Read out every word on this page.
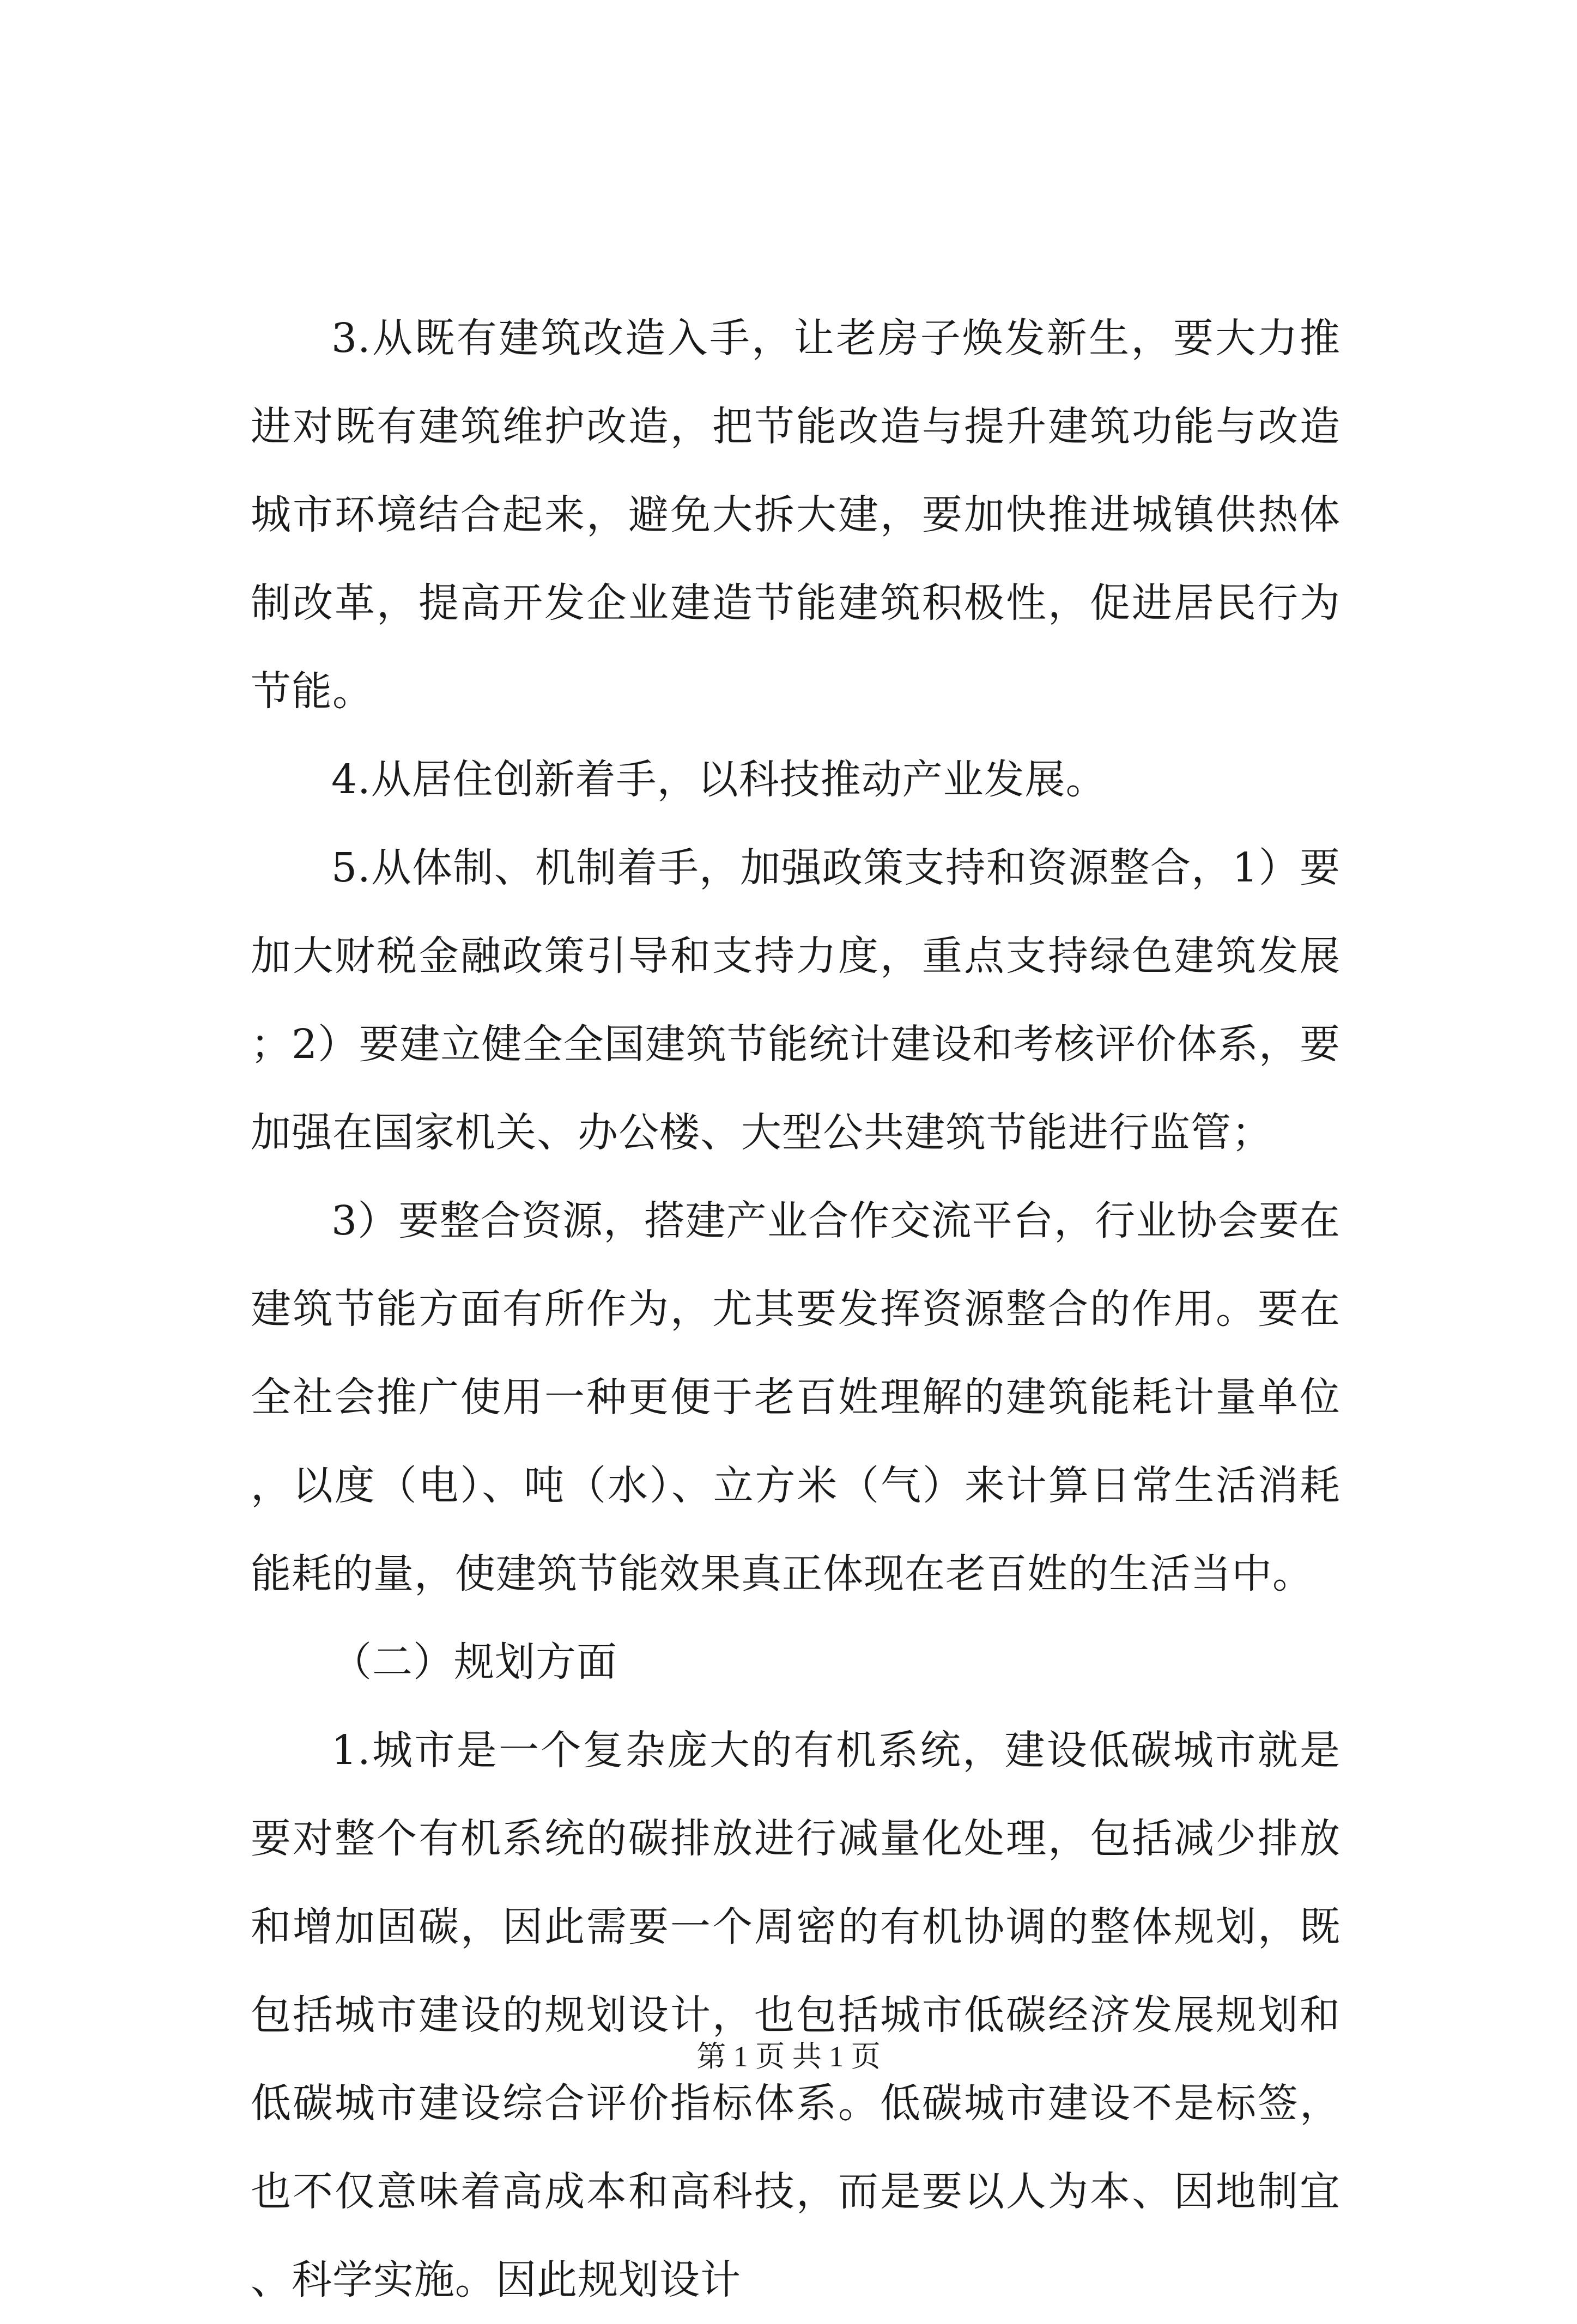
3.从既有建筑改造入手，让老房子焕发新生，要大力推进对既有建筑维护改造，把节能改造与提升建筑功能与改造城市环境结合起来，避免大拆大建，要加快推进城镇供热体制改革，提高开发企业建造节能建筑积极性，促进居民行为节能。

4.从居住创新着手，以科技推动产业发展。

5.从体制、机制着手，加强政策支持和资源整合，1）要加大财税金融政策引导和支持力度，重点支持绿色建筑发展；2）要建立健全全国建筑节能统计建设和考核评价体系，要加强在国家机关、办公楼、大型公共建筑节能进行监管；

3）要整合资源，搭建产业合作交流平台，行业协会要在建筑节能方面有所作为，尤其要发挥资源整合的作用。要在全社会推广使用一种更便于老百姓理解的建筑能耗计量单位，以度（电）、吨（水）、立方米（气）来计算日常生活消耗能耗的量，使建筑节能效果真正体现在老百姓的生活当中。

（二）规划方面

1.城市是一个复杂庞大的有机系统，建设低碳城市就是要对整个有机系统的碳排放进行减量化处理，包括减少排放和增加固碳，因此需要一个周密的有机协调的整体规划，既包括城市建设的规划设计，也包括城市低碳经济发展规划和低碳城市建设综合评价指标体系。低碳城市建设不是标签，也不仅意味着高成本和高科技，而是要以人为本、因地制宜、科学实施。因此规划设计

第 1 页 共 1 页
